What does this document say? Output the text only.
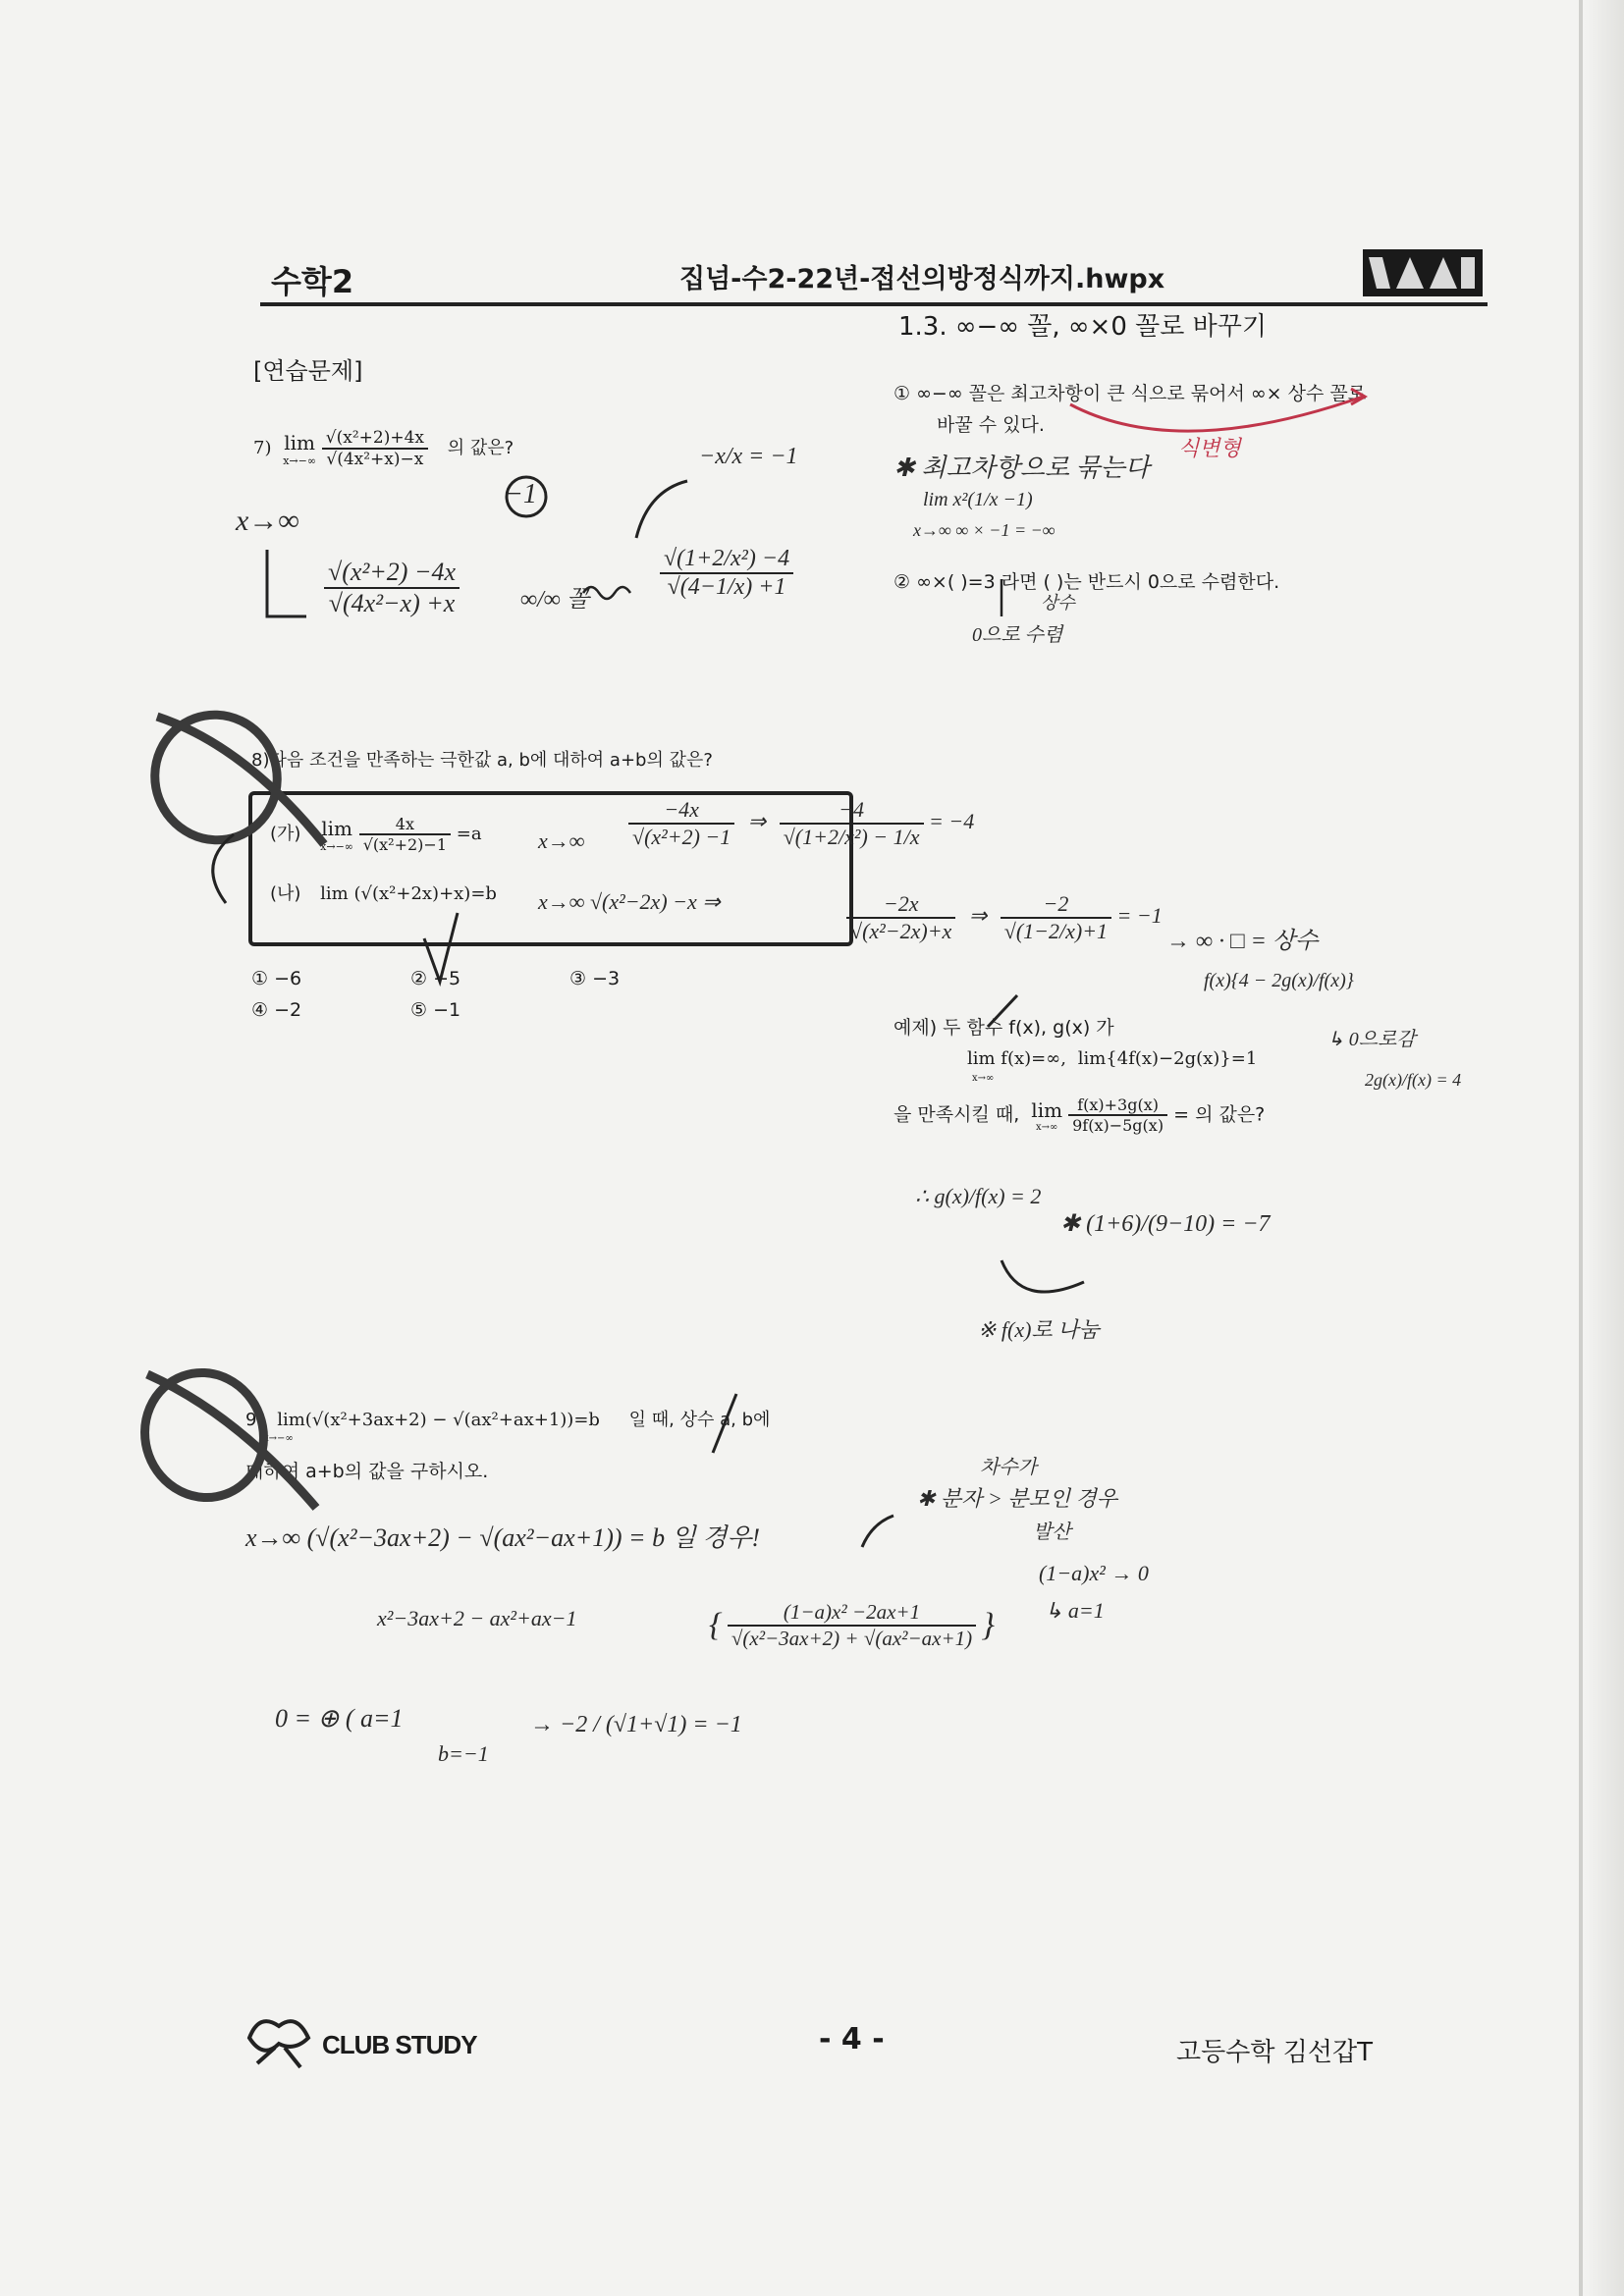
수학2	집넘-수2-22년-접선의방정식까지.hwpx
[연습문제]
1.3. ∞−∞ 꼴, ∞×0 꼴로 바꾸기
① ∞−∞ 꼴은 최고차항이 큰 식으로 묶어서 ∞× 상수 꼴로
바꿀 수 있다.
② ∞×( )=3 라면 ( )는 반드시 0으로 수렴한다.
7) lim
x→−∞
$\frac{\text{√(x²+2)+4x}}{\text{√(4x²+x)−x}}$ 의 값은?
8)다음 조건을 만족하는 극한값 a, b에 대하여 a+b의 값은?
(가) lim
x→−∞
$\frac{4x}{\text{√(x²+2)−1}} =a$
(나) lim (√(x²+2x)+x)=b
① −6	② −5	③ −3
④ −2	⑤ −1
예제) 두 함수 f(x), g(x) 가
lim f(x)=∞, lim{4f(x)−2g(x)}=1
x→∞
을 만족시킬 때, lim
x→∞
$\frac{f(x)+3g(x)}{9f(x)-5g(x)}$ = 의 값은?
9) lim(√(x²+3ax+2) − √(ax²+ax+1))=b 일 때, 상수 a, b에
x→−∞
대하여 a+b의 값을 구하시오.
−1
−x/x = −1
x→∞
$\frac{\text{√(x²+2) −4x}}{\text{√(4x²−x) +x}}$	∞/∞ 꼴	$\frac{\text{√(1+2/x²) −4}}{√(4-1/x) +1}$
식변형
✱ 최고차항으로 묶는다
lim x²(1/x −1)
x→∞ ∞ × −1 = −∞
상수
0으로 수렴
$x\to\infty \frac{-4x}{\text{√(x²+2) −1}}$ ⇒ $\frac{-4}{\text{√(1+2/x²) − 1/x}} = -4$
x→∞ √(x²−2x) −x ⇒	$\frac{-2x}{\text{√(x²−2x)+x}}$ ⇒ $\frac{-2}{√(1-2/x)+1} = -1$
→ ∞ · □ = 상수
f(x){4 − 2g(x)/f(x)}
↳ 0으로감
2g(x)/f(x) = 4
∴ g(x)/f(x) = 2
✱ (1+6)/(9−10) = −7
※ f(x)로 나눔
x→∞ (√(x²−3ax+2) − √(ax²−ax+1)) = b 일 경우!
x²−3ax+2 − ax²+ax−1	{ $\frac{\text{(1−a)x² −2ax+1}}{\text{√(x²−3ax+2) + √(ax²−ax+1)}}$ }
차수가
✱ 분자 > 분모인 경우
발산
(1−a)x² → 0
↳ a=1
0 = ⊕ ( a=1
b=−1
→ −2 / (√1+√1) = −1
CLUB STUDY	- 4 -	고등수학 김선갑T
